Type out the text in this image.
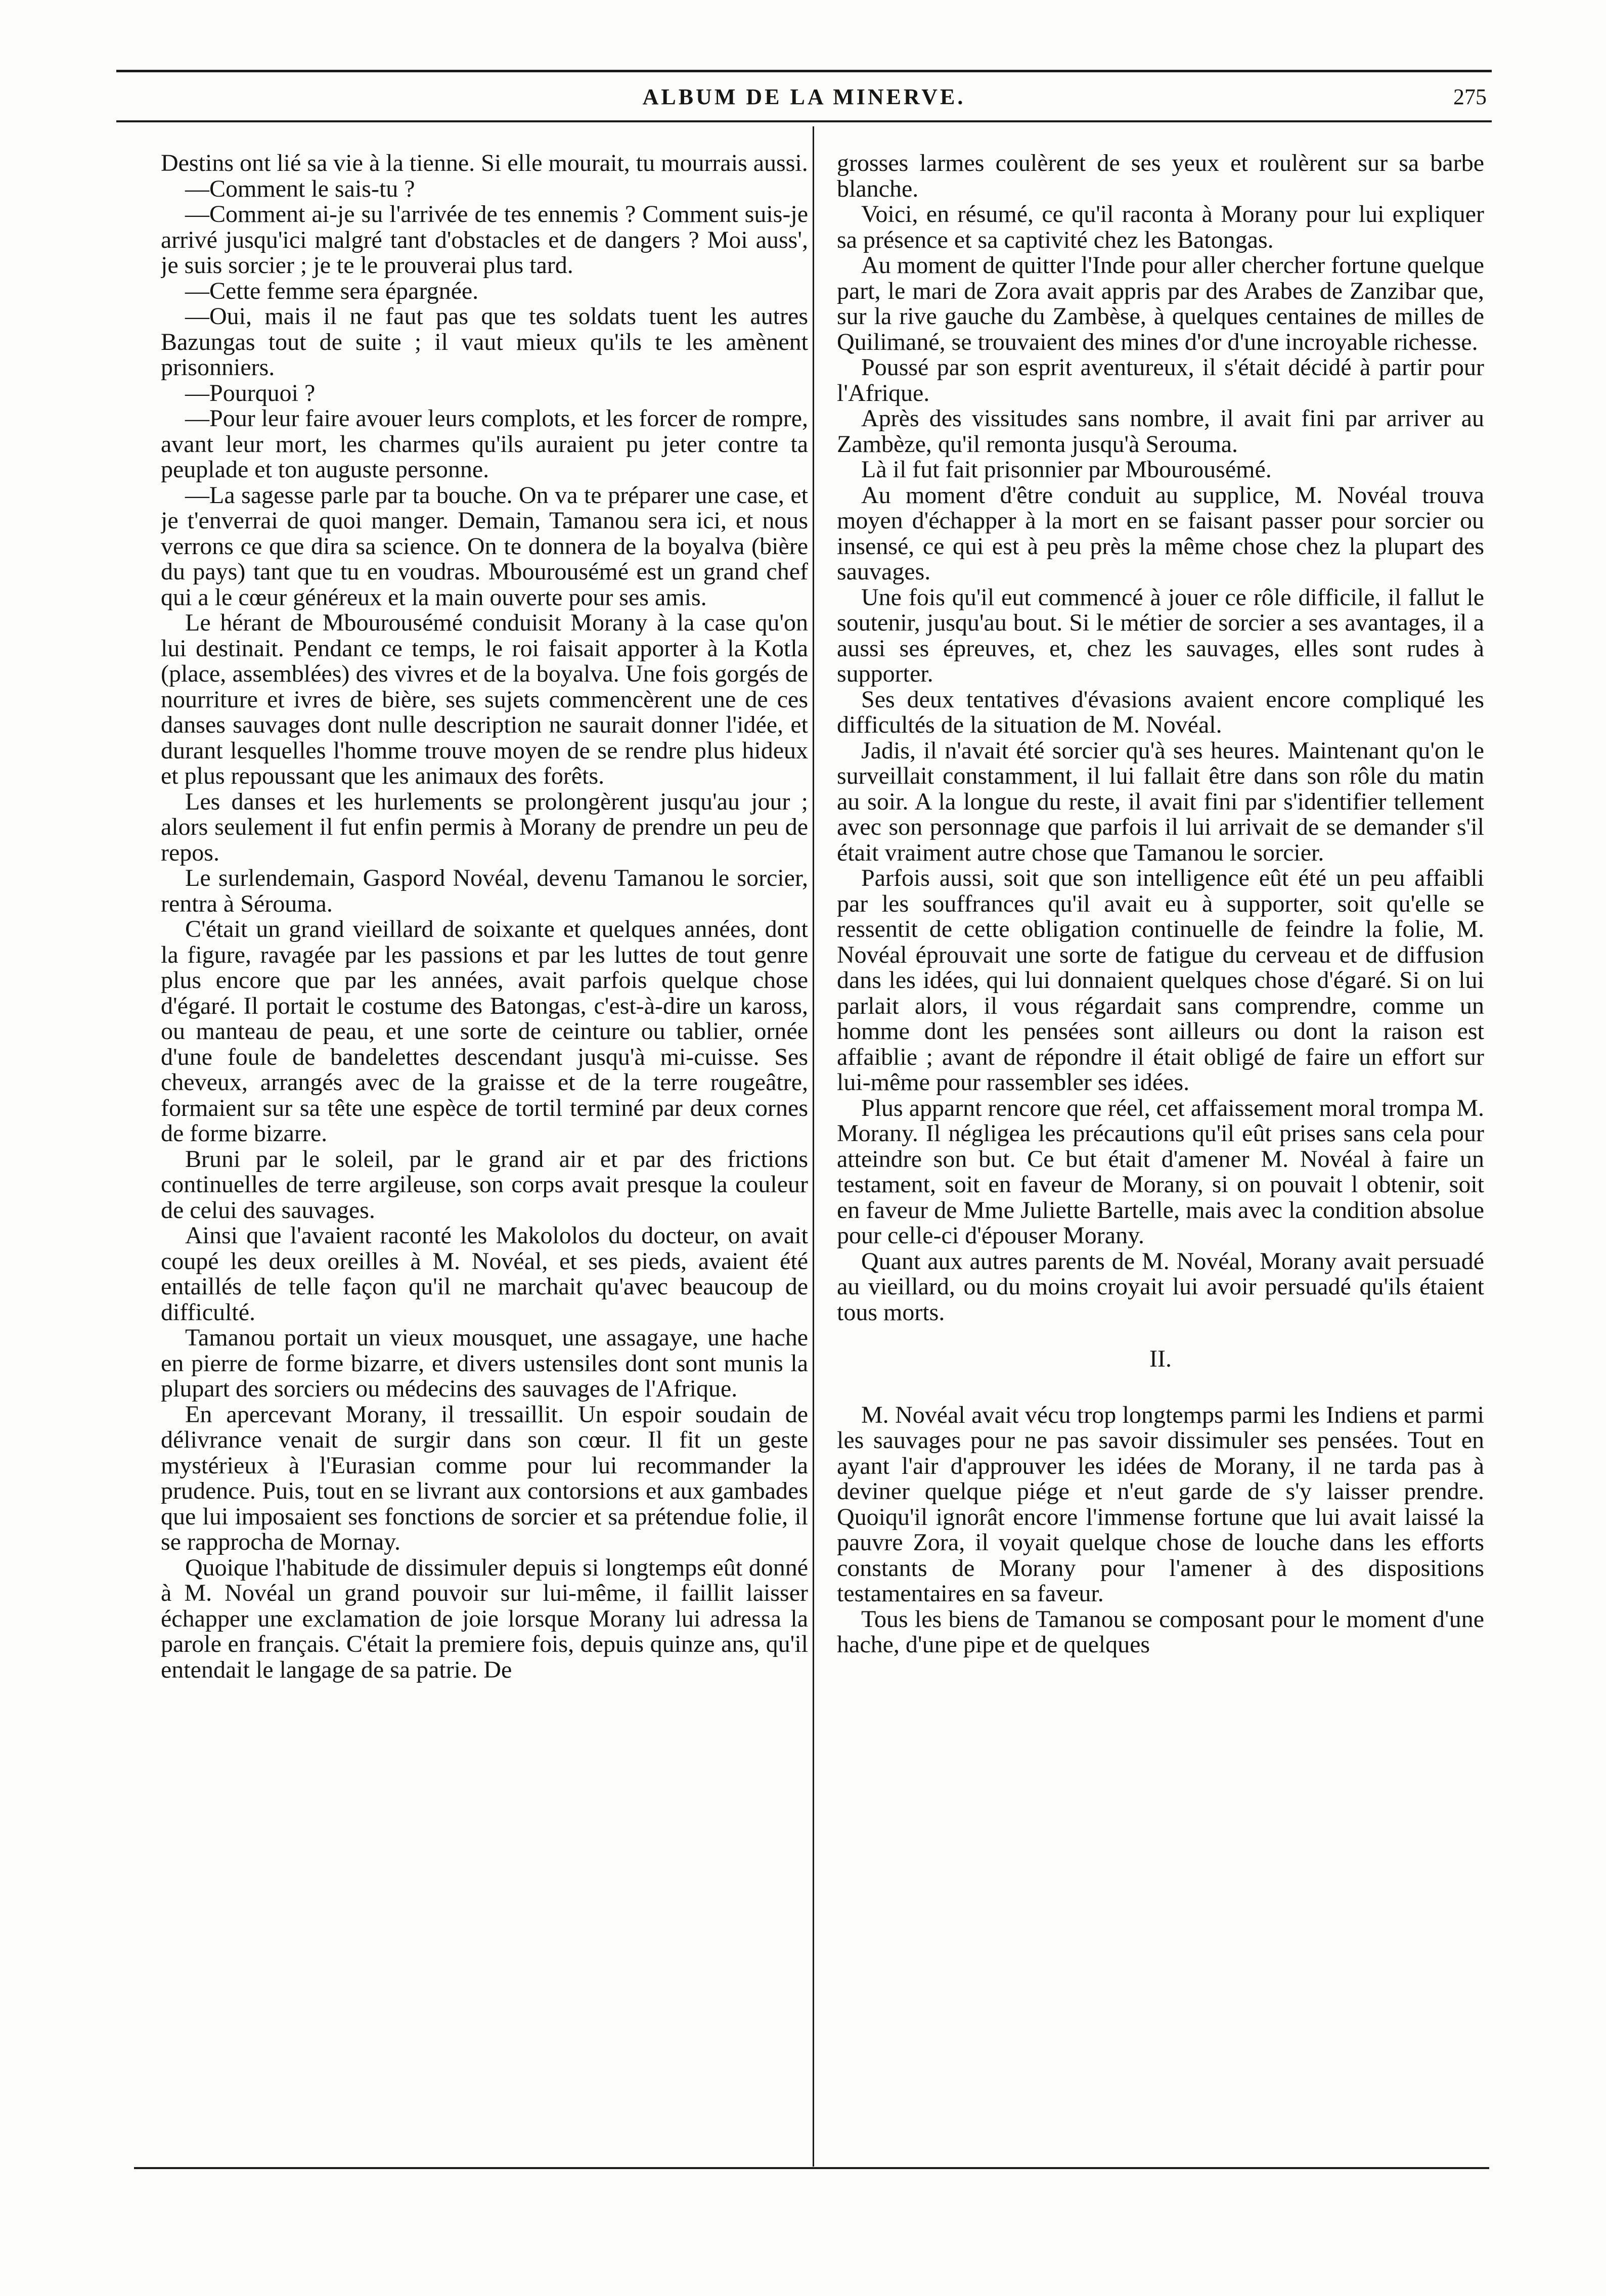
ALBUM DE LA MINERVE.	275

Destins ont lié sa vie à la tienne. Si elle mourait, tu mourrais aussi.

—Comment le sais-tu ?

—Comment ai-je su l'arrivée de tes ennemis ? Comment suis-je arrivé jusqu'ici malgré tant d'obstacles et de dangers ? Moi auss', je suis sorcier ; je te le prouverai plus tard.

—Cette femme sera épargnée.

—Oui, mais il ne faut pas que tes soldats tuent les autres Bazungas tout de suite ; il vaut mieux qu'ils te les amènent prisonniers.

—Pourquoi ?

—Pour leur faire avouer leurs complots, et les forcer de rompre, avant leur mort, les charmes qu'ils auraient pu jeter contre ta peuplade et ton auguste personne.

—La sagesse parle par ta bouche. On va te préparer une case, et je t'enverrai de quoi manger. Demain, Tamanou sera ici, et nous verrons ce que dira sa science. On te donnera de la boyalva (bière du pays) tant que tu en voudras. Mbourousémé est un grand chef qui a le cœur généreux et la main ouverte pour ses amis.

Le hérant de Mbourousémé conduisit Morany à la case qu'on lui destinait. Pendant ce temps, le roi faisait apporter à la Kotla (place, assemblées) des vivres et de la boyalva. Une fois gorgés de nourriture et ivres de bière, ses sujets commencèrent une de ces danses sauvages dont nulle description ne saurait donner l'idée, et durant lesquelles l'homme trouve moyen de se rendre plus hideux et plus repoussant que les animaux des forêts.

Les danses et les hurlements se prolongèrent jusqu'au jour ; alors seulement il fut enfin permis à Morany de prendre un peu de repos.

Le surlendemain, Gaspord Novéal, devenu Tamanou le sorcier, rentra à Sérouma.

C'était un grand vieillard de soixante et quelques années, dont la figure, ravagée par les passions et par les luttes de tout genre plus encore que par les années, avait parfois quelque chose d'égaré. Il portait le costume des Batongas, c'est-à-dire un kaross, ou manteau de peau, et une sorte de ceinture ou tablier, ornée d'une foule de bandelettes descendant jusqu'à mi-cuisse. Ses cheveux, arrangés avec de la graisse et de la terre rougeâtre, formaient sur sa tête une espèce de tortil terminé par deux cornes de forme bizarre.

Bruni par le soleil, par le grand air et par des frictions continuelles de terre argileuse, son corps avait presque la couleur de celui des sauvages.

Ainsi que l'avaient raconté les Makololos du docteur, on avait coupé les deux oreilles à M. Novéal, et ses pieds, avaient été entaillés de telle façon qu'il ne marchait qu'avec beaucoup de difficulté.

Tamanou portait un vieux mousquet, une assagaye, une hache en pierre de forme bizarre, et divers ustensiles dont sont munis la plupart des sorciers ou médecins des sauvages de l'Afrique.

En apercevant Morany, il tressaillit. Un espoir soudain de délivrance venait de surgir dans son cœur. Il fit un geste mystérieux à l'Eurasian comme pour lui recommander la prudence. Puis, tout en se livrant aux contorsions et aux gambades que lui imposaient ses fonctions de sorcier et sa prétendue folie, il se rapprocha de Mornay.

Quoique l'habitude de dissimuler depuis si longtemps eût donné à M. Novéal un grand pouvoir sur lui-même, il faillit laisser échapper une exclamation de joie lorsque Morany lui adressa la parole en français. C'était la premiere fois, depuis quinze ans, qu'il entendait le langage de sa patrie. De

grosses larmes coulèrent de ses yeux et roulèrent sur sa barbe blanche.

Voici, en résumé, ce qu'il raconta à Morany pour lui expliquer sa présence et sa captivité chez les Batongas.

Au moment de quitter l'Inde pour aller chercher fortune quelque part, le mari de Zora avait appris par des Arabes de Zanzibar que, sur la rive gauche du Zambèse, à quelques centaines de milles de Quilimané, se trouvaient des mines d'or d'une incroyable richesse.

Poussé par son esprit aventureux, il s'était décidé à partir pour l'Afrique.

Après des vissitudes sans nombre, il avait fini par arriver au Zambèze, qu'il remonta jusqu'à Serouma.

Là il fut fait prisonnier par Mbourousémé.

Au moment d'être conduit au supplice, M. Novéal trouva moyen d'échapper à la mort en se faisant passer pour sorcier ou insensé, ce qui est à peu près la même chose chez la plupart des sauvages.

Une fois qu'il eut commencé à jouer ce rôle difficile, il fallut le soutenir, jusqu'au bout. Si le métier de sorcier a ses avantages, il a aussi ses épreuves, et, chez les sauvages, elles sont rudes à supporter.

Ses deux tentatives d'évasions avaient encore compliqué les difficultés de la situation de M. Novéal.

Jadis, il n'avait été sorcier qu'à ses heures. Maintenant qu'on le surveillait constamment, il lui fallait être dans son rôle du matin au soir. A la longue du reste, il avait fini par s'identifier tellement avec son personnage que parfois il lui arrivait de se demander s'il était vraiment autre chose que Tamanou le sorcier.

Parfois aussi, soit que son intelligence eût été un peu affaibli par les souffrances qu'il avait eu à supporter, soit qu'elle se ressentit de cette obligation continuelle de feindre la folie, M. Novéal éprouvait une sorte de fatigue du cerveau et de diffusion dans les idées, qui lui donnaient quelques chose d'égaré. Si on lui parlait alors, il vous régardait sans comprendre, comme un homme dont les pensées sont ailleurs ou dont la raison est affaiblie ; avant de répondre il était obligé de faire un effort sur lui-même pour rassembler ses idées.

Plus apparnt rencore que réel, cet affaissement moral trompa M. Morany. Il négligea les précautions qu'il eût prises sans cela pour atteindre son but. Ce but était d'amener M. Novéal à faire un testament, soit en faveur de Morany, si on pouvait l obtenir, soit en faveur de Mme Juliette Bartelle, mais avec la condition absolue pour celle-ci d'épouser Morany.

Quant aux autres parents de M. Novéal, Morany avait persuadé au vieillard, ou du moins croyait lui avoir persuadé qu'ils étaient tous morts.

II.

M. Novéal avait vécu trop longtemps parmi les Indiens et parmi les sauvages pour ne pas savoir dissimuler ses pensées. Tout en ayant l'air d'approuver les idées de Morany, il ne tarda pas à deviner quelque piége et n'eut garde de s'y laisser prendre. Quoiqu'il ignorât encore l'immense fortune que lui avait laissé la pauvre Zora, il voyait quelque chose de louche dans les efforts constants de Morany pour l'amener à des dispositions testamentaires en sa faveur.

Tous les biens de Tamanou se composant pour le moment d'une hache, d'une pipe et de quelques
